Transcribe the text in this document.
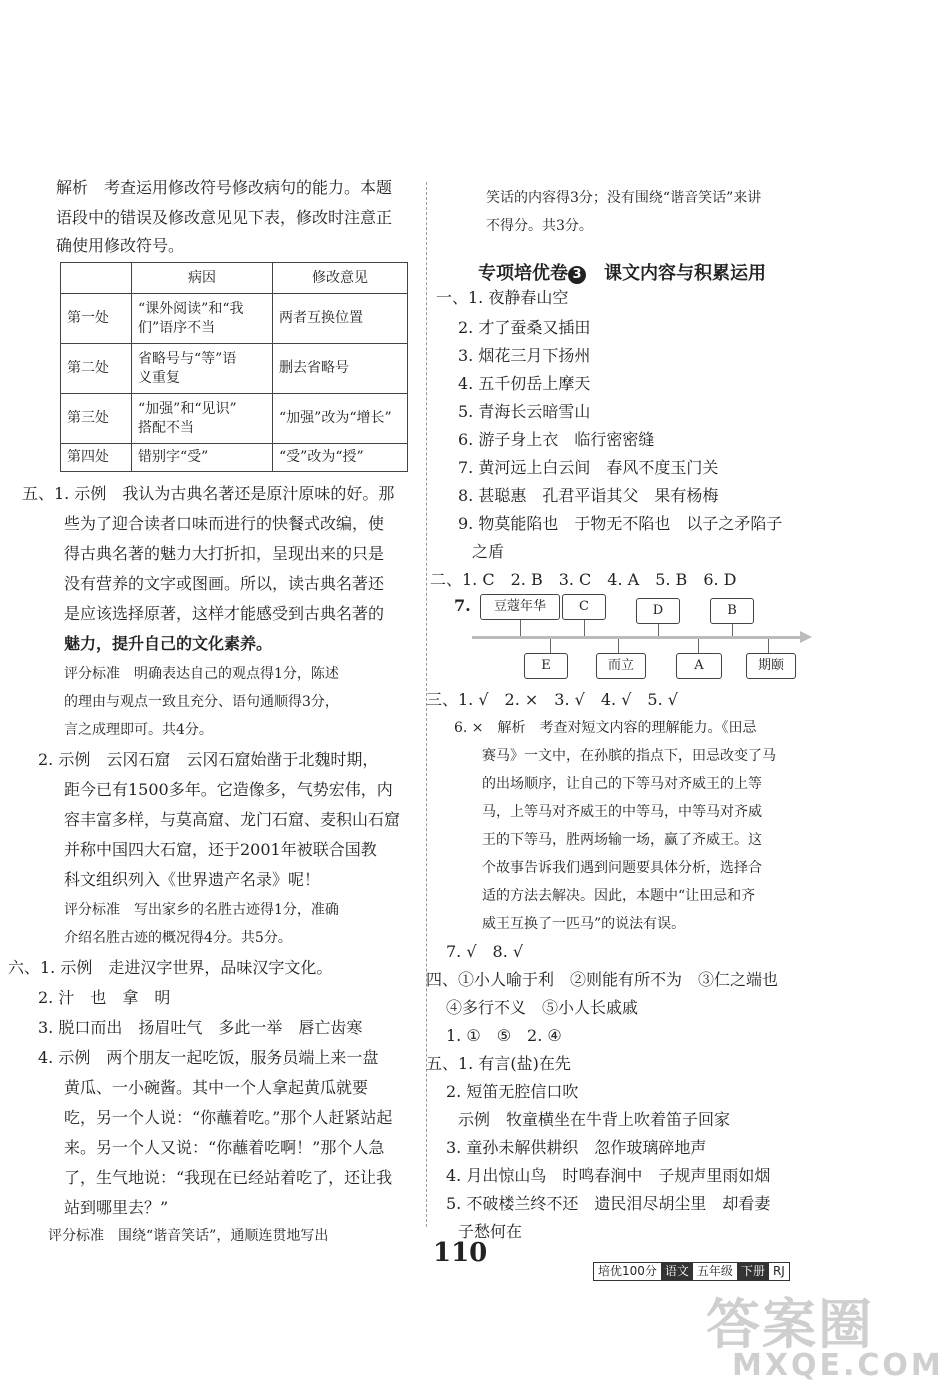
解析　考查运用修改符号修改病句的能力。本题
语段中的错误及修改意见见下表，修改时注意正
确使用修改符号。
	病因	修改意见
第一处	“课外阅读”和“我
们”语序不当	两者互换位置
第二处	省略号与“等”语
义重复	删去省略号
第三处	“加强”和“见识”
搭配不当	“加强”改为“增长”
第四处	错别字“受”	“受”改为“授”
五、1. 示例　我认为古典名著还是原汁原味的好。那
些为了迎合读者口味而进行的快餐式改编，使
得古典名著的魅力大打折扣，呈现出来的只是
没有营养的文字或图画。所以，读古典名著还
是应该选择原著，这样才能感受到古典名著的
魅力，提升自己的文化素养。
评分标准　明确表达自己的观点得1分，陈述
的理由与观点一致且充分、语句通顺得3分，
言之成理即可。共4分。
2. 示例　云冈石窟　云冈石窟始凿于北魏时期，
距今已有1500多年。它造像多，气势宏伟，内
容丰富多样，与莫高窟、龙门石窟、麦积山石窟
并称中国四大石窟，还于2001年被联合国教
科文组织列入《世界遗产名录》呢！
评分标准　写出家乡的名胜古迹得1分，准确
介绍名胜古迹的概况得4分。共5分。
六、1. 示例　走进汉字世界，品味汉字文化。
2. 汁　也　拿　明
3. 脱口而出　扬眉吐气　多此一举　唇亡齿寒
4. 示例　两个朋友一起吃饭，服务员端上来一盘
黄瓜、一小碗酱。其中一个人拿起黄瓜就要
吃，另一个人说：“你蘸着吃。”那个人赶紧站起
来。另一个人又说：“你蘸着吃啊！”那个人急
了，生气地说：“我现在已经站着吃了，还让我
站到哪里去？”
评分标准　围绕“谐音笑话”，通顺连贯地写出
笑话的内容得3分；没有围绕“谐音笑话”来讲
不得分。共3分。
专项培优卷 3　 课文内容与积累运用
一、1. 夜静春山空
2. 才了蚕桑又插田
3. 烟花三月下扬州
4. 五千仞岳上摩天
5. 青海长云暗雪山
6. 游子身上衣　临行密密缝
7. 黄河远上白云间　春风不度玉门关
8. 甚聪惠　孔君平诣其父　果有杨梅
9. 物莫能陷也　于物无不陷也　以子之矛陷子
之盾
二、1. C　2. B　3. C　4. A　5. B　6. D
7.	豆蔻年华	C	D	B
E	而立	A	期颐
三、1. √　2. ×　3. √　4. √　5. √
6. ×　解析　考查对短文内容的理解能力。《田忌
赛马》一文中，在孙膑的指点下，田忌改变了马
的出场顺序，让自己的下等马对齐威王的上等
马，上等马对齐威王的中等马，中等马对齐威
王的下等马，胜两场输一场，赢了齐威王。这
个故事告诉我们遇到问题要具体分析，选择合
适的方法去解决。因此，本题中“让田忌和齐
威王互换了一匹马”的说法有误。
7. √　8. √
四、①小人喻于利　②则能有所不为　③仁之端也
④多行不义　⑤小人长戚戚
1. ①　⑤　2. ④
五、1. 有言(盐)在先
2. 短笛无腔信口吹
示例　牧童横坐在牛背上吹着笛子回家
3. 童孙未解供耕织　忽作玻璃碎地声
4. 月出惊山鸟　时鸣春涧中　子规声里雨如烟
5. 不破楼兰终不还　遗民泪尽胡尘里　却看妻
子愁何在
110
培优100分 语文 五年级 下册 RJ
答案圈
MXQE.COM
